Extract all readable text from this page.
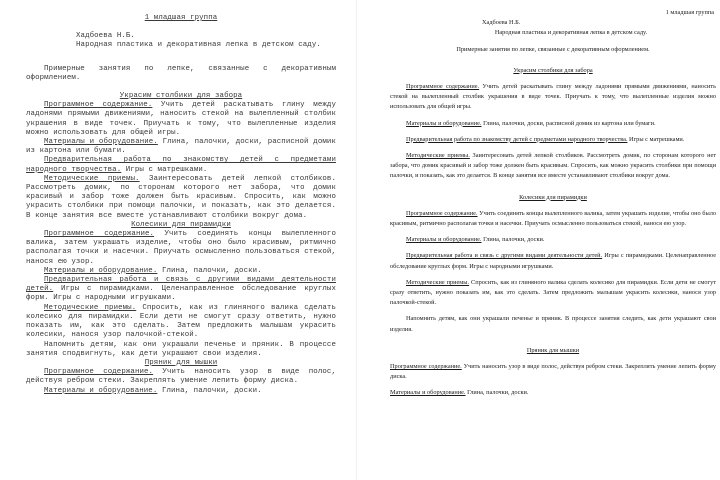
1 младшая группа

Хадбоева Н.Б.

Народная пластика и декоративная лепка в детском саду.

Примерные занятия по лепке, связанные с декоративным оформлением.

Украсим столбики для забора

Программное содержание. Учить детей раскатывать глину между ладонями прямыми движениями, наносить стекой на вылепленный столбик украшения в виде точек. Приучать к тому, что вылепленные изделия можно использовать для общей игры.

Материалы и оборудование. Глина, палочки, доски, расписной домик из картона или бумаги.

Предварительная работа по знакомству детей с предметами народного творчества. Игры с матрешками.

Методические приемы. Заинтересовать детей лепкой столбиков. Рассмотреть домик, по сторонам которого нет забора, что домик красивый и забор тоже должен быть красивым. Спросить, как можно украсить столбики при помощи палочки, и показать, как это делается. В конце занятия все вместе устанавливают столбики вокруг дома.

Колесики для пирамидки

Программное содержание. Учить соединять концы вылепленного валика, затем украшать изделие, чтобы оно было красивым, ритмично располагая точки и насечки. Приучать осмысленно пользоваться стекой, нанося ею узор.

Материалы и оборудование. Глина, палочки, доски.

Предварительная работа и связь с другими видами деятельности детей. Игры с пирамидками. Целенаправленное обследование круглых форм. Игры с народными игрушками.

Методические приемы. Спросить, как из глиняного валика сделать колесико для пирамидки. Если дети не смогут сразу ответить, нужно показать им, как это сделать. Затем предложить малышам украсить колесики, нанося узор палочкой-стекой.

Напомнить детям, как они украшали печенье и пряник. В процессе занятия сподвигнуть, как дети украшают свои изделия.

Пряник для мышки

Программное содержание. Учить наносить узор в виде полос, действуя ребром стеки. Закреплять умение лепить форму диска.

Материалы и оборудование. Глина, палочки, доски.

1 младшая группа

Хадбоева Н.Б.

Народная пластика и декоративная лепка в детском саду.

Примерные занятия по лепке, связанные с декоративным оформлением.

Украсим столбики для забора

Программное содержание. Учить детей раскатывать глину между ладонями прямыми движениями, наносить стекой на вылепленный столбик украшения в виде точек. Приучать к тому, что вылепленные изделия можно использовать для общей игры.

Материалы и оборудование. Глина, палочки, доски, расписной домик из картона или бумаги.

Предварительная работа по знакомству детей с предметами народного творчества. Игры с матрешками.

Методические приемы. Заинтересовать детей лепкой столбиков. Рассмотреть домик, по сторонам которого нет забора, что домик красивый и забор тоже должен быть красивым. Спросить, как можно украсить столбики при помощи палочки, и показать, как это делается. В конце занятия все вместе устанавливают столбики вокруг дома.

Колесики для пирамидки

Программное содержание. Учить соединять концы вылепленного валика, затем украшать изделие, чтобы оно было красивым, ритмично располагая точки и насечки. Приучать осмысленно пользоваться стекой, нанося ею узор.

Материалы и оборудование. Глина, палочки, доски.

Предварительная работа и связь с другими видами деятельности детей. Игры с пирамидками. Целенаправленное обследование круглых форм. Игры с народными игрушками.

Методические приемы. Спросить, как из глиняного валика сделать колесико для пирамидки. Если дети не смогут сразу ответить, нужно показать им, как это сделать. Затем предложить малышам украсить колесики, нанося узор палочкой-стекой.

Напомнить детям, как они украшали печенье и пряник. В процессе занятия следить, как дети украшают свои изделия.

Пряник для мышки

Программное содержание. Учить наносить узор в виде полос, действуя ребром стеки. Закреплять умение лепить форму диска.

Материалы и оборудование. Глина, палочки, доски.
